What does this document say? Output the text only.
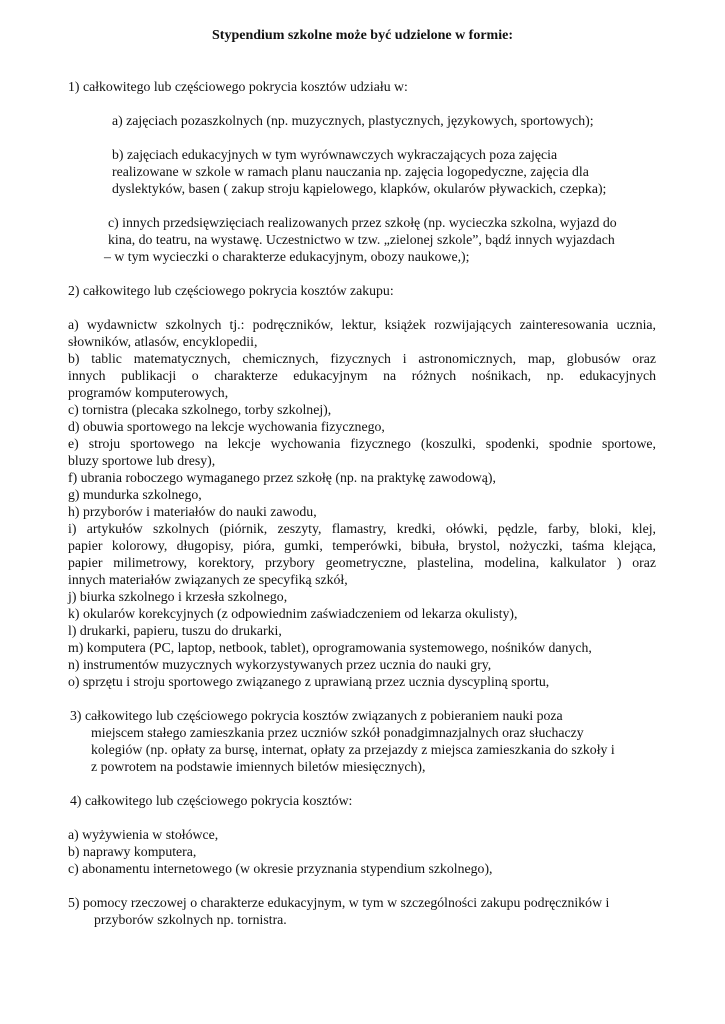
Stypendium szkolne może być udzielone w formie:
1) całkowitego lub częściowego pokrycia kosztów udziału w:
a) zajęciach pozaszkolnych (np. muzycznych, plastycznych, językowych, sportowych);
b) zajęciach edukacyjnych w tym wyrównawczych wykraczających poza zajęcia
realizowane w szkole w ramach planu nauczania np. zajęcia logopedyczne, zajęcia dla
dyslektyków, basen ( zakup stroju kąpielowego, klapków, okularów pływackich, czepka);
c) innych przedsięwzięciach realizowanych przez szkołę (np. wycieczka szkolna, wyjazd do
kina, do teatru, na wystawę. Uczestnictwo w tzw. „zielonej szkole”, bądź innych wyjazdach
– w tym wycieczki o charakterze edukacyjnym, obozy naukowe,);
2) całkowitego lub częściowego pokrycia kosztów zakupu:
a) wydawnictw szkolnych tj.: podręczników, lektur, książek rozwijających zainteresowania ucznia,
słowników, atlasów, encyklopedii,
b) tablic matematycznych, chemicznych, fizycznych i astronomicznych, map, globusów oraz
innych publikacji o charakterze edukacyjnym na różnych nośnikach, np. edukacyjnych
programów komputerowych,
c) tornistra (plecaka szkolnego, torby szkolnej),
d) obuwia sportowego na lekcje wychowania fizycznego,
e) stroju sportowego na lekcje wychowania fizycznego (koszulki, spodenki, spodnie sportowe,
bluzy sportowe lub dresy),
f) ubrania roboczego wymaganego przez szkołę (np. na praktykę zawodową),
g) mundurka szkolnego,
h) przyborów i materiałów do nauki zawodu,
i) artykułów szkolnych (piórnik, zeszyty, flamastry, kredki, ołówki, pędzle, farby, bloki, klej,
papier kolorowy, długopisy, pióra, gumki, temperówki, bibuła, brystol, nożyczki, taśma klejąca,
papier milimetrowy, korektory, przybory geometryczne, plastelina, modelina, kalkulator ) oraz
innych materiałów związanych ze specyfiką szkół,
j) biurka szkolnego i krzesła szkolnego,
k) okularów korekcyjnych (z odpowiednim zaświadczeniem od lekarza okulisty),
l) drukarki, papieru, tuszu do drukarki,
m) komputera (PC, laptop, netbook, tablet), oprogramowania systemowego, nośników danych,
n) instrumentów muzycznych wykorzystywanych przez ucznia do nauki gry,
o) sprzętu i stroju sportowego związanego z uprawianą przez ucznia dyscypliną sportu,
3) całkowitego lub częściowego pokrycia kosztów związanych z pobieraniem nauki poza
miejscem stałego zamieszkania przez uczniów szkół ponadgimnazjalnych oraz słuchaczy
kolegiów (np. opłaty za bursę, internat, opłaty za przejazdy z miejsca zamieszkania do szkoły i
z powrotem na podstawie imiennych biletów miesięcznych),
4) całkowitego lub częściowego pokrycia kosztów:
a) wyżywienia w stołówce,
b) naprawy komputera,
c) abonamentu internetowego (w okresie przyznania stypendium szkolnego),
5) pomocy rzeczowej o charakterze edukacyjnym, w tym w szczególności zakupu podręczników i
przyborów szkolnych np. tornistra.
